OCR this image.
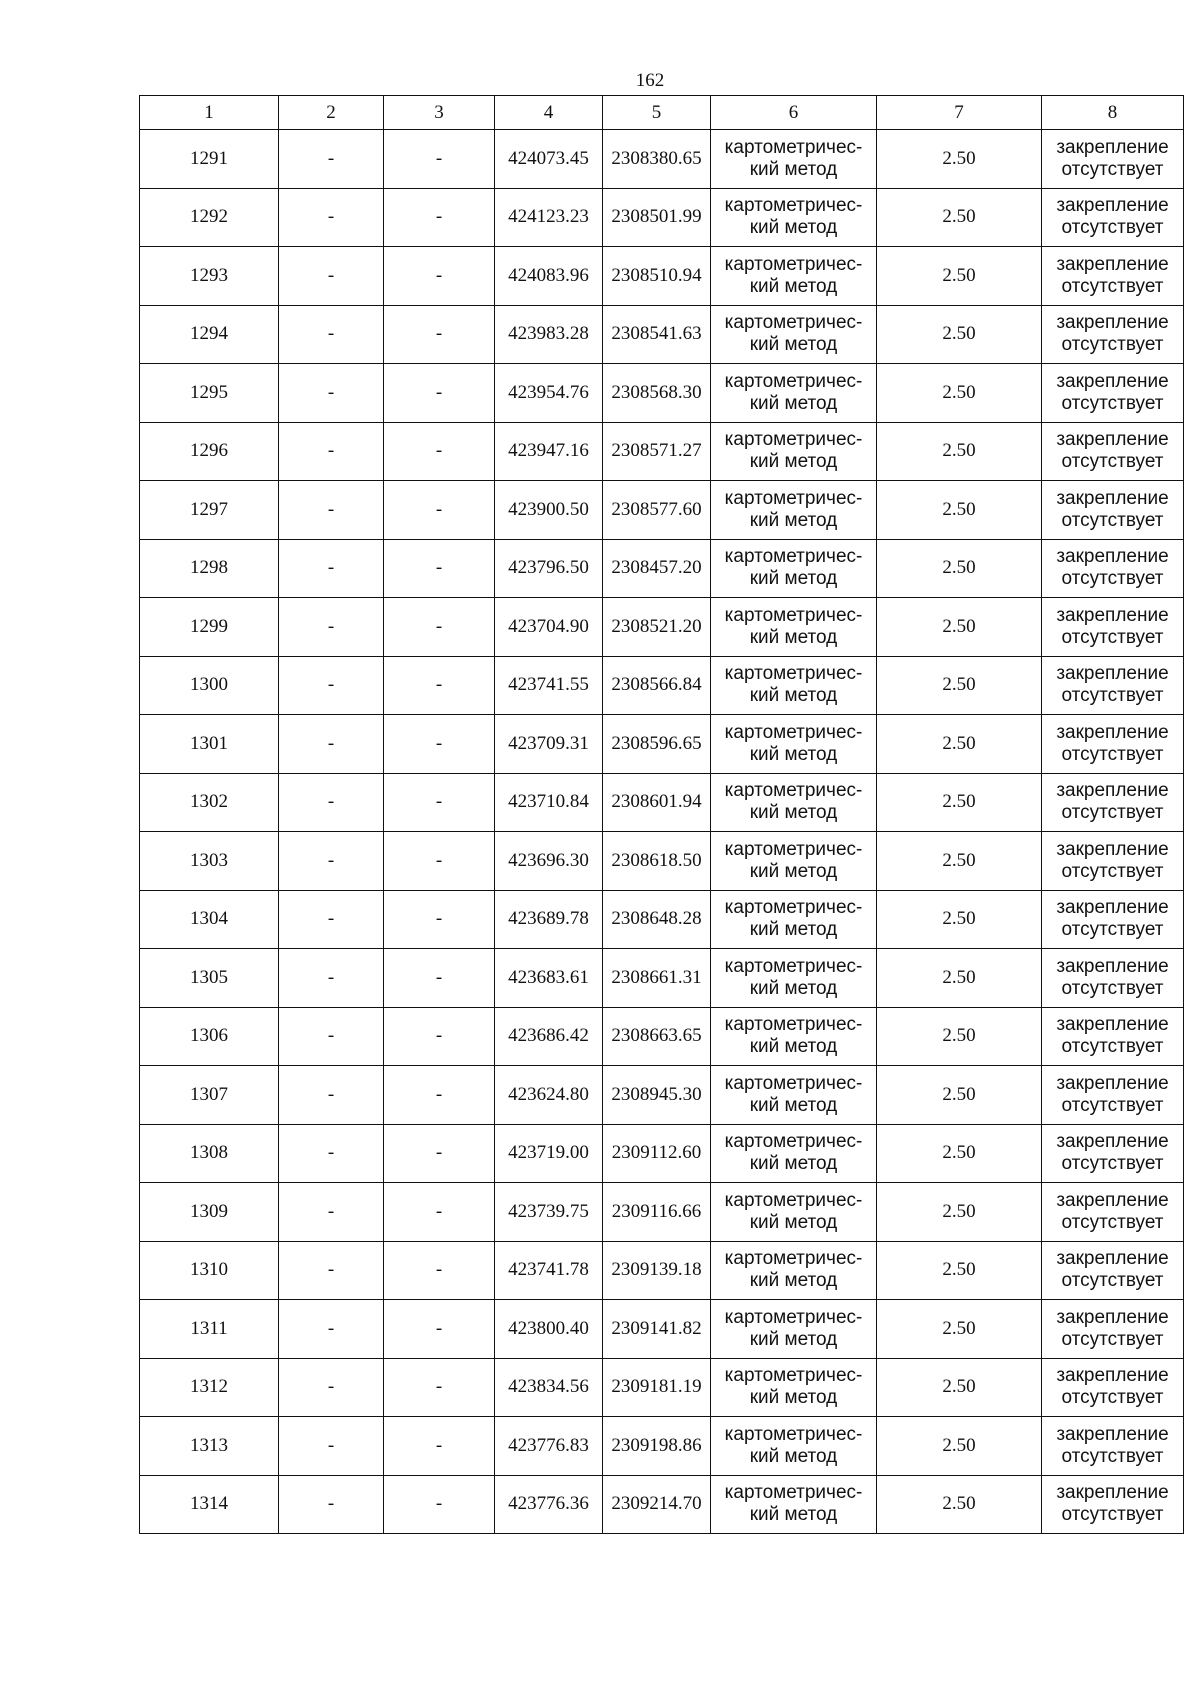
162
1	2	3	4	5	6	7	8
1291	-	-	424073.45	2308380.65	картометричес-
кий метод	2.50	закрепление
отсутствует

1292	-	-	424123.23	2308501.99	картометричес-
кий метод	2.50	закрепление
отсутствует

1293	-	-	424083.96	2308510.94	картометричес-
кий метод	2.50	закрепление
отсутствует

1294	-	-	423983.28	2308541.63	картометричес-
кий метод	2.50	закрепление
отсутствует

1295	-	-	423954.76	2308568.30	картометричес-
кий метод	2.50	закрепление
отсутствует

1296	-	-	423947.16	2308571.27	картометричес-
кий метод	2.50	закрепление
отсутствует

1297	-	-	423900.50	2308577.60	картометричес-
кий метод	2.50	закрепление
отсутствует

1298	-	-	423796.50	2308457.20	картометричес-
кий метод	2.50	закрепление
отсутствует

1299	-	-	423704.90	2308521.20	картометричес-
кий метод	2.50	закрепление
отсутствует

1300	-	-	423741.55	2308566.84	картометричес-
кий метод	2.50	закрепление
отсутствует

1301	-	-	423709.31	2308596.65	картометричес-
кий метод	2.50	закрепление
отсутствует

1302	-	-	423710.84	2308601.94	картометричес-
кий метод	2.50	закрепление
отсутствует

1303	-	-	423696.30	2308618.50	картометричес-
кий метод	2.50	закрепление
отсутствует

1304	-	-	423689.78	2308648.28	картометричес-
кий метод	2.50	закрепление
отсутствует

1305	-	-	423683.61	2308661.31	картометричес-
кий метод	2.50	закрепление
отсутствует

1306	-	-	423686.42	2308663.65	картометричес-
кий метод	2.50	закрепление
отсутствует

1307	-	-	423624.80	2308945.30	картометричес-
кий метод	2.50	закрепление
отсутствует

1308	-	-	423719.00	2309112.60	картометричес-
кий метод	2.50	закрепление
отсутствует

1309	-	-	423739.75	2309116.66	картометричес-
кий метод	2.50	закрепление
отсутствует

1310	-	-	423741.78	2309139.18	картометричес-
кий метод	2.50	закрепление
отсутствует

1311	-	-	423800.40	2309141.82	картометричес-
кий метод	2.50	закрепление
отсутствует

1312	-	-	423834.56	2309181.19	картометричес-
кий метод	2.50	закрепление
отсутствует

1313	-	-	423776.83	2309198.86	картометричес-
кий метод	2.50	закрепление
отсутствует

1314	-	-	423776.36	2309214.70	картометричес-
кий метод	2.50	закрепление
отсутствует
